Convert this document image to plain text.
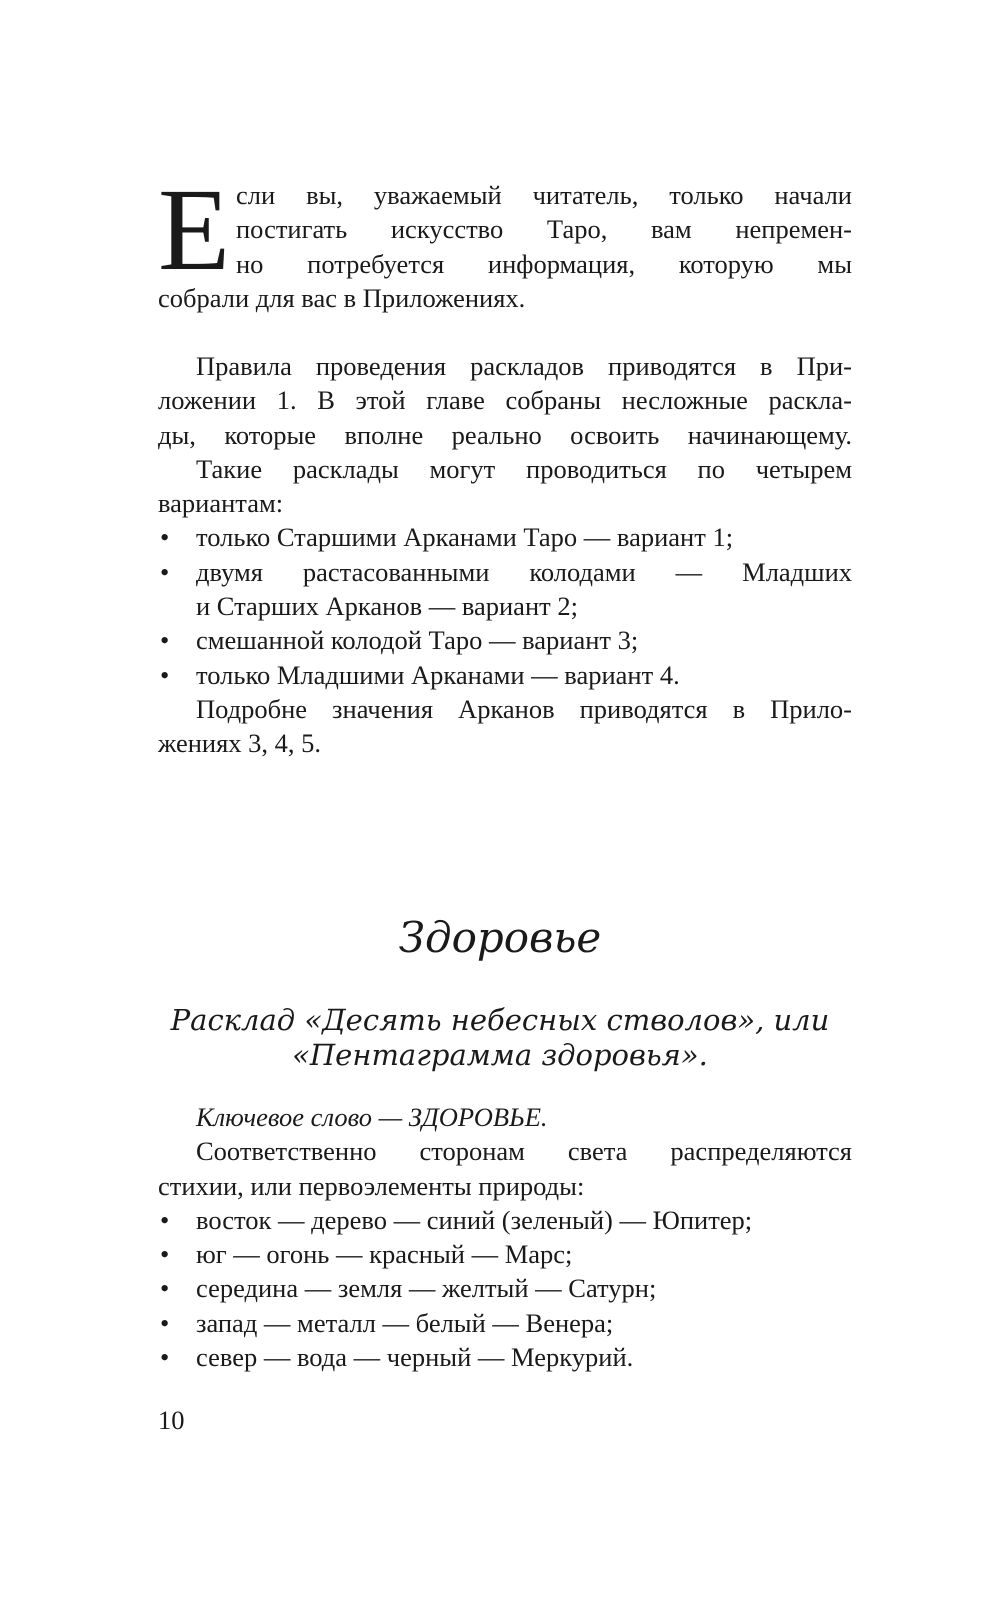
Е сли вы, уважаемый читатель, только начали
постигать искусство Таро, вам непремен-
но потребуется информация, которую мы
собрали для вас в Приложениях.
Правила проведения раскладов приводятся в При-
ложении 1. В этой главе собраны несложные расклa-
ды, которые вполне реально освоить начинающему.
Такие расклады могут проводиться по четырем
вариантам:
• только Старшими Арканами Таро — вариант 1;
• двумя растасованными колодами — Младших
и Старших Арканов — вариант 2;
• смешанной колодой Таро — вариант 3;
• только Младшими Арканами — вариант 4.
Подробне значения Арканов приводятся в Прило-
жениях 3, 4, 5.
Здоровье
Расклад «Десять небесных стволов», или
«Пентаграмма здоровья».
Ключевое слово — ЗДОРОВЬЕ.
Соответственно сторонам света распределяются
стихии, или первоэлементы природы:
• восток — дерево — синий (зеленый) — Юпитер;
• юг — огонь — красный — Марс;
• середина — земля — желтый — Сатурн;
• запад — металл — белый — Венера;
• север — вода — черный — Меркурий.
10
